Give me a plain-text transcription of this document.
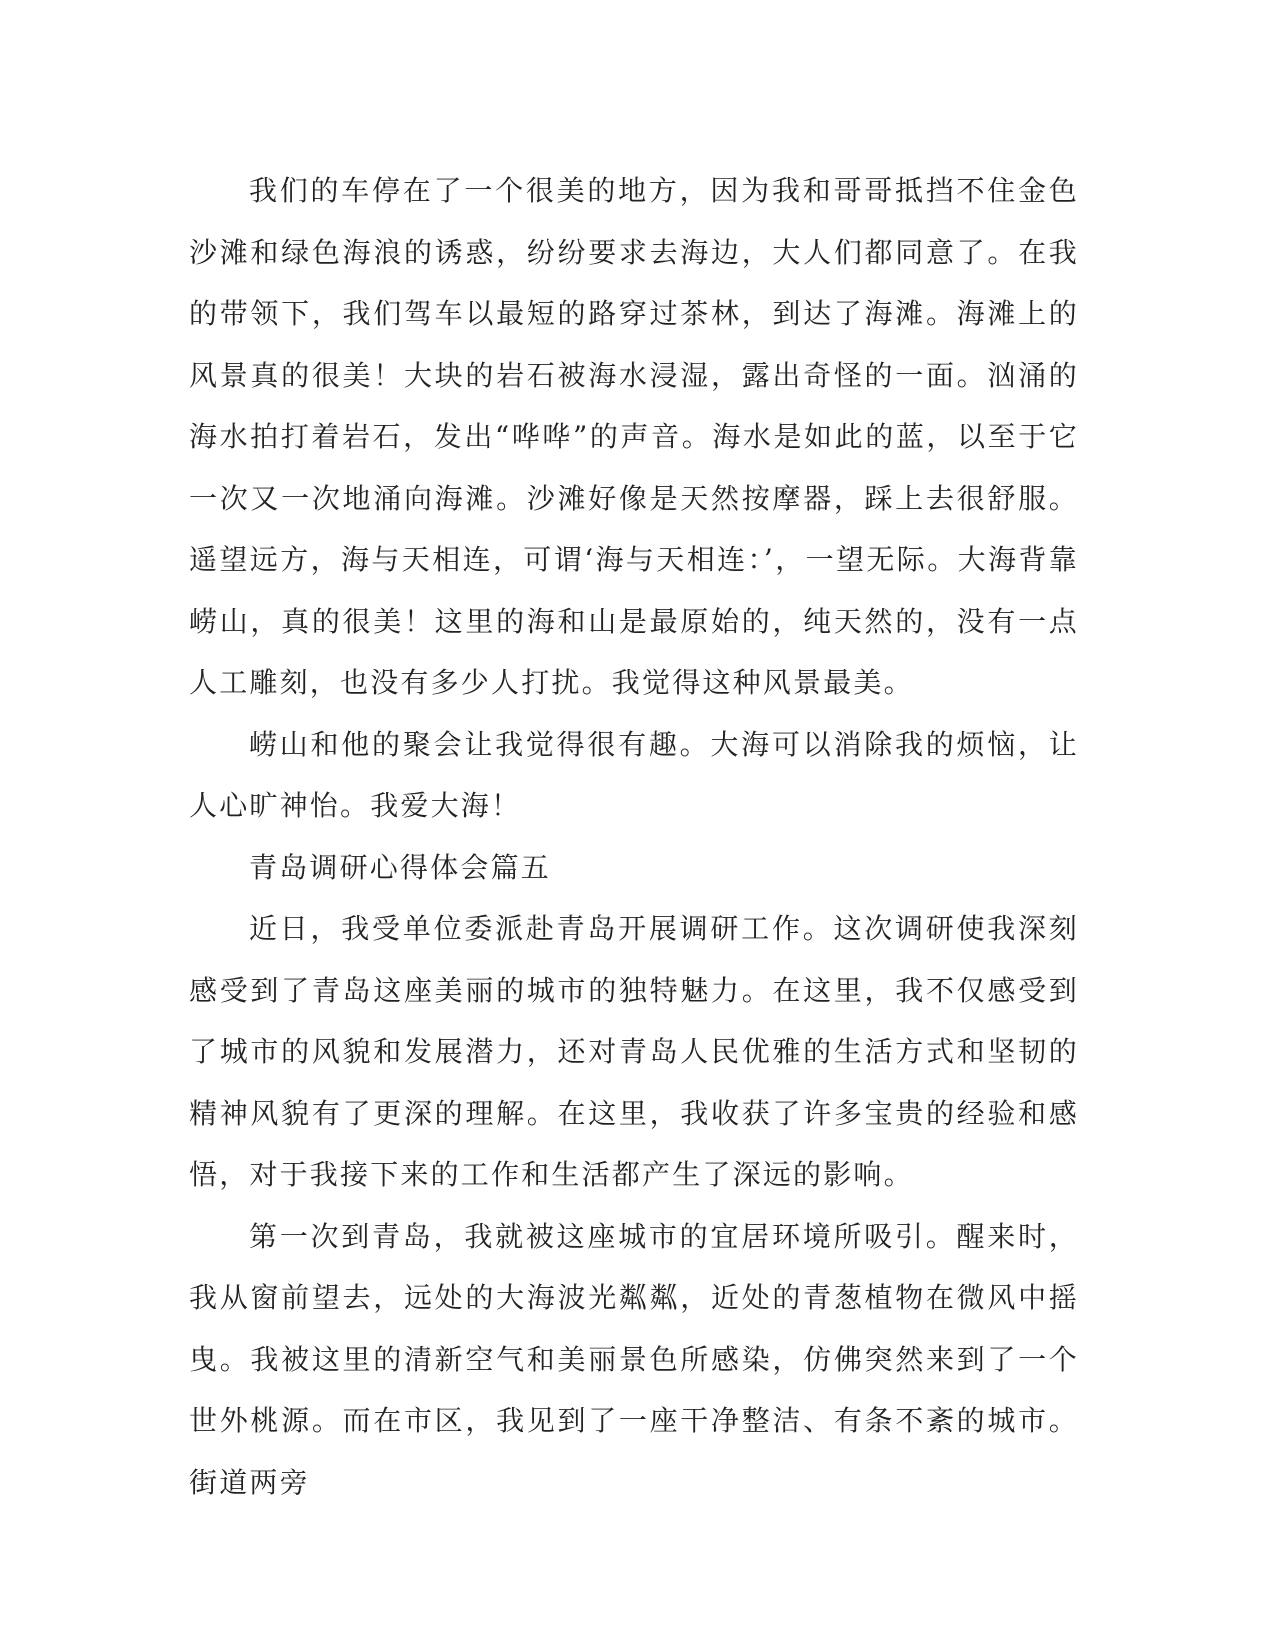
我们的车停在了一个很美的地方，因为我和哥哥抵挡不住金色沙滩和绿色海浪的诱惑，纷纷要求去海边，大人们都同意了。在我的带领下，我们驾车以最短的路穿过茶林，到达了海滩。海滩上的风景真的很美！大块的岩石被海水浸湿，露出奇怪的一面。汹涌的海水拍打着岩石，发出“哗哗”的声音。海水是如此的蓝，以至于它一次又一次地涌向海滩。沙滩好像是天然按摩器，踩上去很舒服。遥望远方，海与天相连，可谓‘海与天相连：’，一望无际。大海背靠崂山，真的很美！这里的海和山是最原始的，纯天然的，没有一点人工雕刻，也没有多少人打扰。我觉得这种风景最美。

崂山和他的聚会让我觉得很有趣。大海可以消除我的烦恼，让人心旷神怡。我爱大海！

青岛调研心得体会篇五

近日，我受单位委派赴青岛开展调研工作。这次调研使我深刻感受到了青岛这座美丽的城市的独特魅力。在这里，我不仅感受到了城市的风貌和发展潜力，还对青岛人民优雅的生活方式和坚韧的精神风貌有了更深的理解。在这里，我收获了许多宝贵的经验和感悟，对于我接下来的工作和生活都产生了深远的影响。

第一次到青岛，我就被这座城市的宜居环境所吸引。醒来时，我从窗前望去，远处的大海波光粼粼，近处的青葱植物在微风中摇曳。我被这里的清新空气和美丽景色所感染，仿佛突然来到了一个世外桃源。而在市区，我见到了一座干净整洁、有条不紊的城市。街道两旁
